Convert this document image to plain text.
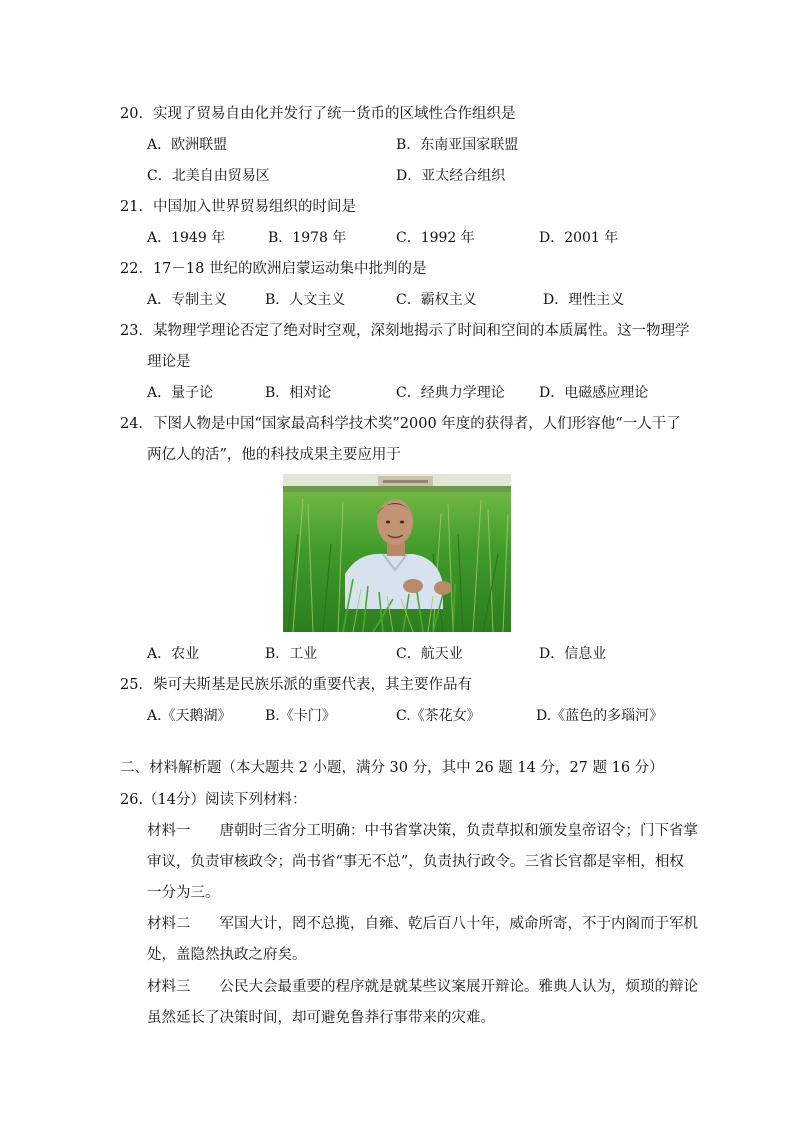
20．实现了贸易自由化并发行了统一货币的区域性合作组织是
A．欧洲联盟	B．东南亚国家联盟
C．北美自由贸易区	D．亚太经合组织
21．中国加入世界贸易组织的时间是
A．1949 年	B．1978 年	C．1992 年	D．2001 年
22．17－18 世纪的欧洲启蒙运动集中批判的是
A．专制主义	B．人文主义	C．霸权主义	D．理性主义
23．某物理学理论否定了绝对时空观，深刻地揭示了时间和空间的本质属性。这一物理学
理论是
A．量子论	B．相对论	C．经典力学理论 D．电磁感应理论
24．下图人物是中国“国家最高科学技术奖”2000 年度的获得者，人们形容他“一人干了
两亿人的活”，他的科技成果主要应用于
A．农业	B．工业	C．航天业	D．信息业
25．柴可夫斯基是民族乐派的重要代表，其主要作品有
A.《天鹅湖》 B.《卡门》	C.《茶花女》	D.《蓝色的多瑙河》
二、材料解析题（本大题共 2 小题，满分 30 分，其中 26 题 14 分，27 题 16 分）
26.（14分）阅读下列材料：
材料一　　唐朝时三省分工明确：中书省掌决策，负责草拟和颁发皇帝诏令；门下省掌
审议，负责审核政令；尚书省“事无不总”，负责执行政令。三省长官都是宰相，相权
一分为三。
材料二　　军国大计，罔不总揽，自雍、乾后百八十年，威命所寄，不于内阁而于军机
处，盖隐然执政之府矣。
材料三　　公民大会最重要的程序就是就某些议案展开辩论。雅典人认为，烦琐的辩论
虽然延长了决策时间，却可避免鲁莽行事带来的灾难。
